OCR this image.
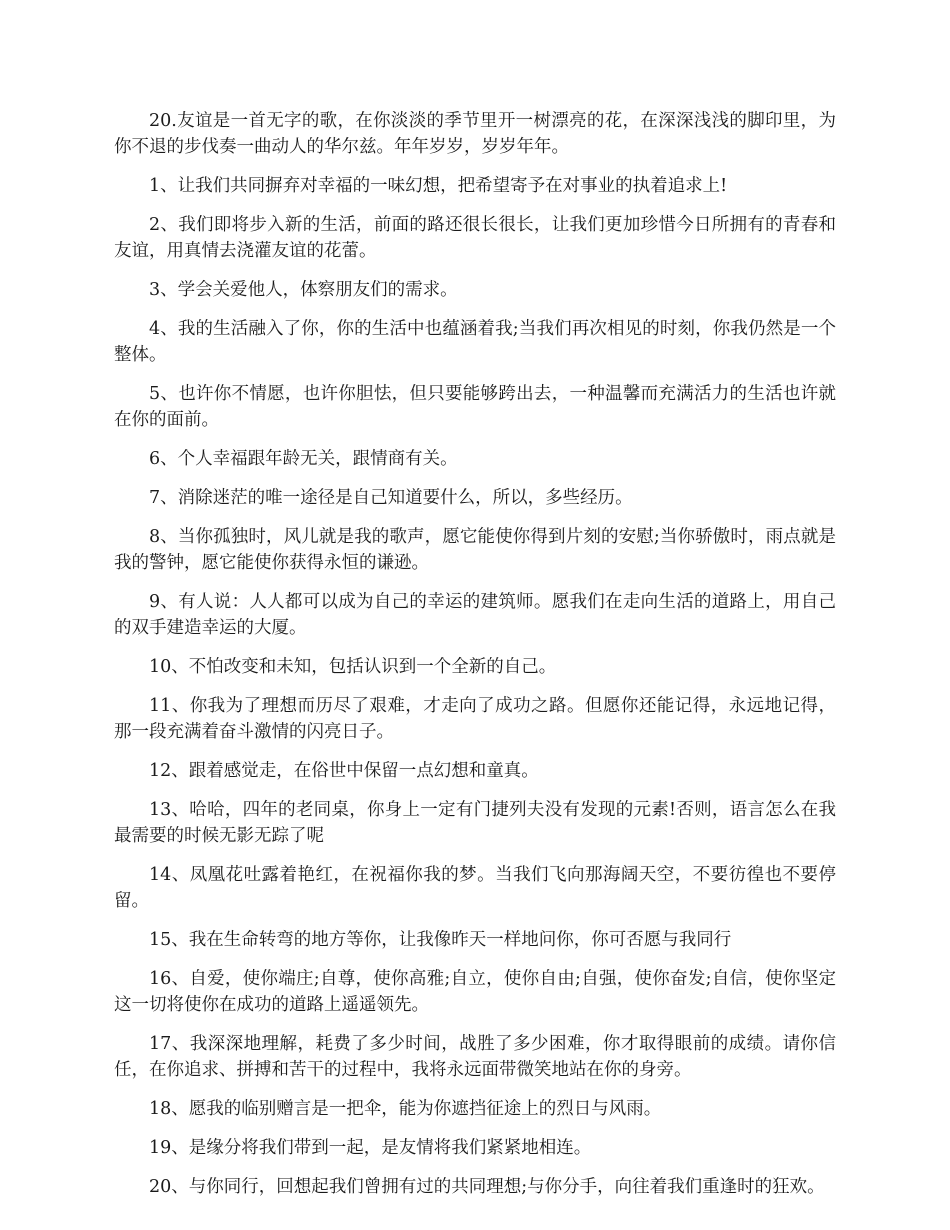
20.友谊是一首无字的歌，在你淡淡的季节里开一树漂亮的花，在深深浅浅的脚印里，为你不退的步伐奏一曲动人的华尔兹。年年岁岁，岁岁年年。

1、让我们共同摒弃对幸福的一味幻想，把希望寄予在对事业的执着追求上!

2、我们即将步入新的生活，前面的路还很长很长，让我们更加珍惜今日所拥有的青春和友谊，用真情去浇灌友谊的花蕾。

3、学会关爱他人，体察朋友们的需求。

4、我的生活融入了你，你的生活中也蕴涵着我;当我们再次相见的时刻，你我仍然是一个整体。

5、也许你不情愿，也许你胆怯，但只要能够跨出去，一种温馨而充满活力的生活也许就在你的面前。

6、个人幸福跟年龄无关，跟情商有关。

7、消除迷茫的唯一途径是自己知道要什么，所以，多些经历。

8、当你孤独时，风儿就是我的歌声，愿它能使你得到片刻的安慰;当你骄傲时，雨点就是我的警钟，愿它能使你获得永恒的谦逊。

9、有人说：人人都可以成为自己的幸运的建筑师。愿我们在走向生活的道路上，用自己的双手建造幸运的大厦。

10、不怕改变和未知，包括认识到一个全新的自己。

11、你我为了理想而历尽了艰难，才走向了成功之路。但愿你还能记得，永远地记得，那一段充满着奋斗激情的闪亮日子。

12、跟着感觉走，在俗世中保留一点幻想和童真。

13、哈哈，四年的老同桌，你身上一定有门捷列夫没有发现的元素!否则，语言怎么在我最需要的时候无影无踪了呢

14、凤凰花吐露着艳红，在祝福你我的梦。当我们飞向那海阔天空，不要彷徨也不要停留。

15、我在生命转弯的地方等你，让我像昨天一样地问你，你可否愿与我同行

16、自爱，使你端庄;自尊，使你高雅;自立，使你自由;自强，使你奋发;自信，使你坚定这一切将使你在成功的道路上遥遥领先。

17、我深深地理解，耗费了多少时间，战胜了多少困难，你才取得眼前的成绩。请你信任，在你追求、拼搏和苦干的过程中，我将永远面带微笑地站在你的身旁。

18、愿我的临别赠言是一把伞，能为你遮挡征途上的烈日与风雨。

19、是缘分将我们带到一起，是友情将我们紧紧地相连。

20、与你同行，回想起我们曾拥有过的共同理想;与你分手，向往着我们重逢时的狂欢。
